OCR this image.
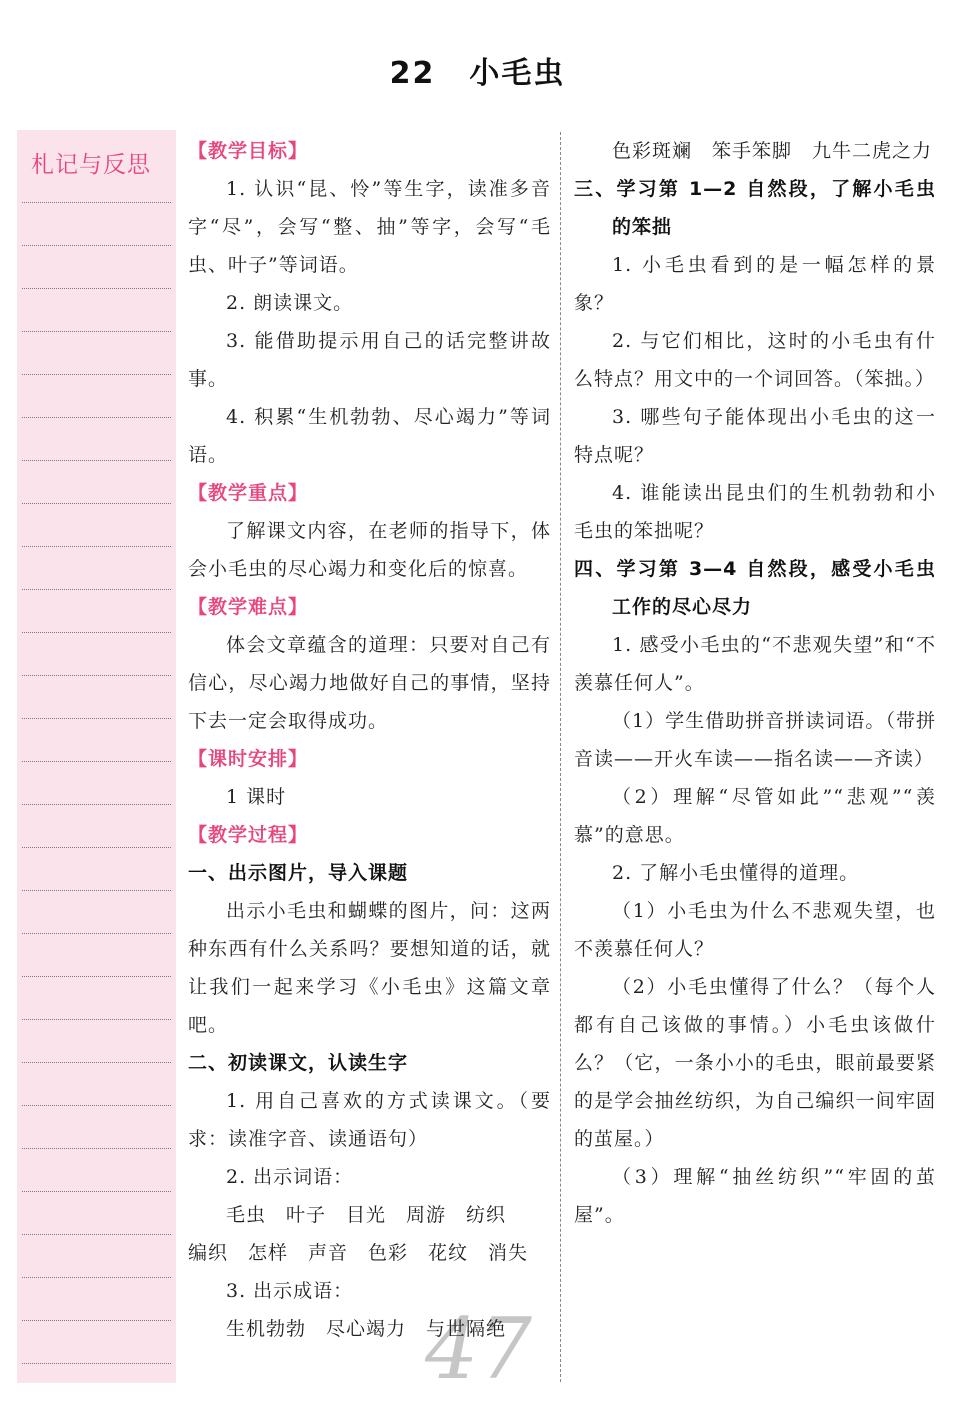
22 小毛虫
札记与反思

【教学目标】

1. 认识“昆、怜”等生字，读准多音字“尽”，会写“整、抽”等字，会写“毛虫、叶子”等词语。

2. 朗读课文。

3. 能借助提示用自己的话完整讲故事。

4. 积累“生机勃勃、尽心竭力”等词语。

【教学重点】

了解课文内容，在老师的指导下，体会小毛虫的尽心竭力和变化后的惊喜。

【教学难点】

体会文章蕴含的道理：只要对自己有信心，尽心竭力地做好自己的事情，坚持下去一定会取得成功。

【课时安排】

1 课时

【教学过程】

一、出示图片，导入课题

出示小毛虫和蝴蝶的图片，问：这两种东西有什么关系吗？要想知道的话，就让我们一起来学习《小毛虫》这篇文章吧。

二、初读课文，认读生字

1. 用自己喜欢的方式读课文。（要求：读准字音、读通语句）

2. 出示词语：

毛虫　叶子　目光　周游　纺织

编织　怎样　声音　色彩　花纹　消失

3. 出示成语：

生机勃勃　尽心竭力　与世隔绝

色彩斑斓　笨手笨脚　九牛二虎之力

三、学习第 1—2 自然段，了解小毛虫的笨拙

1. 小毛虫看到的是一幅怎样的景象？

2. 与它们相比，这时的小毛虫有什么特点？用文中的一个词回答。（笨拙。）

3. 哪些句子能体现出小毛虫的这一特点呢？

4. 谁能读出昆虫们的生机勃勃和小毛虫的笨拙呢？

四、学习第 3—4 自然段，感受小毛虫工作的尽心尽力

1. 感受小毛虫的“不悲观失望”和“不羡慕任何人”。

（1）学生借助拼音拼读词语。（带拼音读——开火车读——指名读——齐读）

（2）理解“尽管如此”“悲观”“羡慕”的意思。

2. 了解小毛虫懂得的道理。

（1）小毛虫为什么不悲观失望，也不羡慕任何人？

（2）小毛虫懂得了什么？（每个人都有自己该做的事情。）小毛虫该做什么？（它，一条小小的毛虫，眼前最要紧的是学会抽丝纺织，为自己编织一间牢固的茧屋。）

（3）理解“抽丝纺织”“牢固的茧屋”。

47
